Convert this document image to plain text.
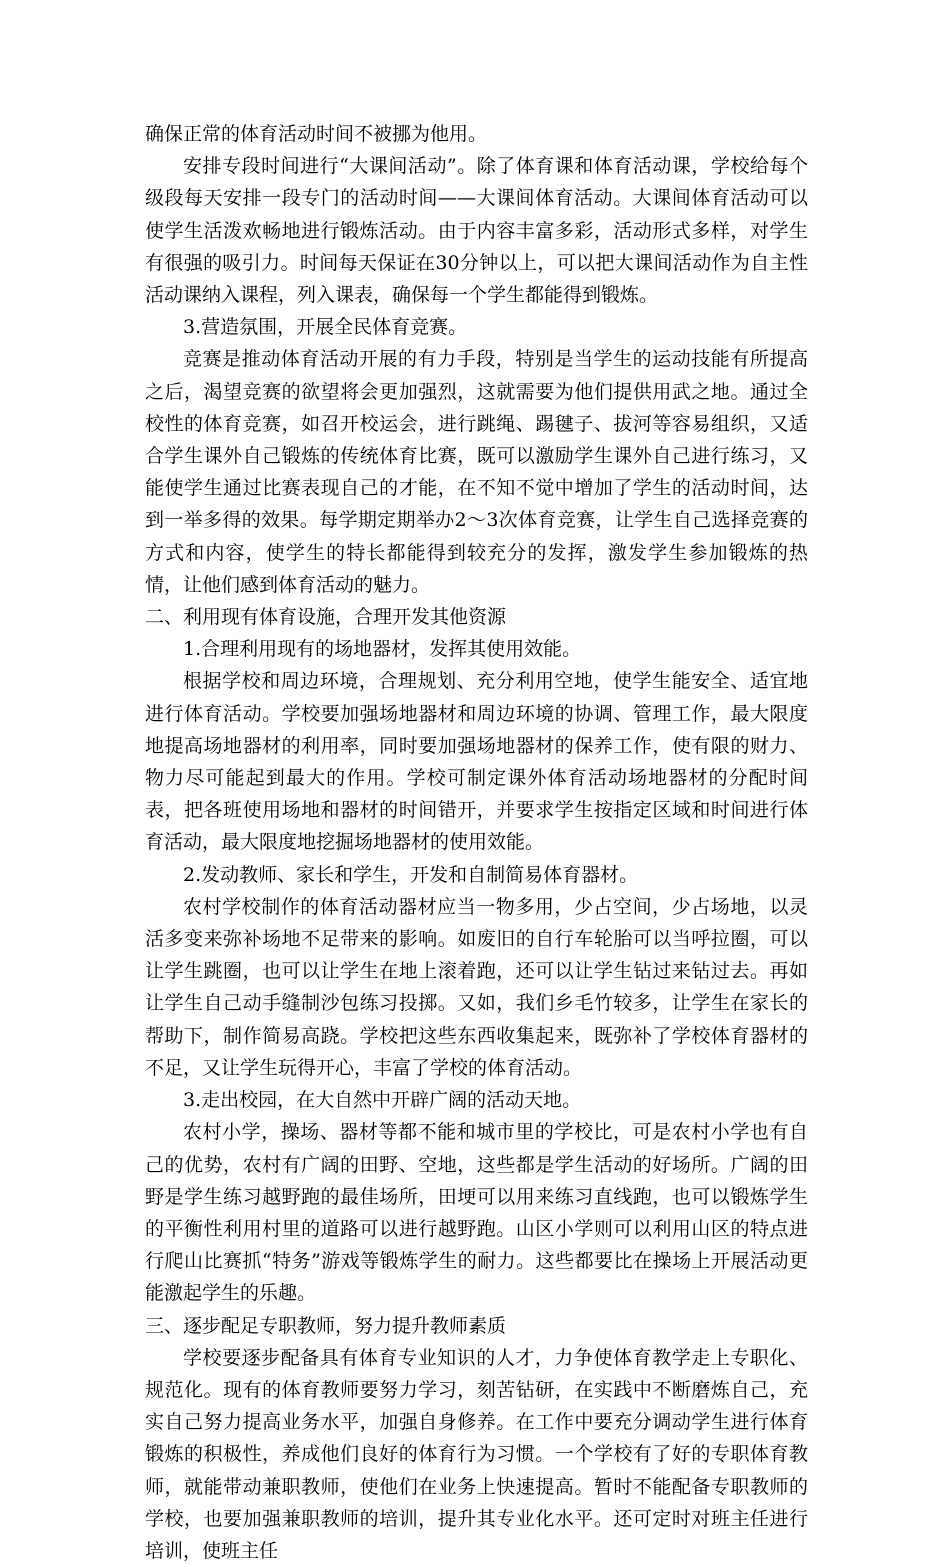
确保正常的体育活动时间不被挪为他用。

安排专段时间进行“大课间活动”。除了体育课和体育活动课，学校给每个级段每天安排一段专门的活动时间——大课间体育活动。大课间体育活动可以使学生活泼欢畅地进行锻炼活动。由于内容丰富多彩，活动形式多样，对学生有很强的吸引力。时间每天保证在30分钟以上，可以把大课间活动作为自主性活动课纳入课程，列入课表，确保每一个学生都能得到锻炼。

3.营造氛围，开展全民体育竞赛。

竞赛是推动体育活动开展的有力手段，特别是当学生的运动技能有所提高之后，渴望竞赛的欲望将会更加强烈，这就需要为他们提供用武之地。通过全校性的体育竞赛，如召开校运会，进行跳绳、踢毽子、拔河等容易组织，又适合学生课外自己锻炼的传统体育比赛，既可以激励学生课外自己进行练习，又能使学生通过比赛表现自己的才能，在不知不觉中增加了学生的活动时间，达到一举多得的效果。每学期定期举办2～3次体育竞赛，让学生自己选择竞赛的方式和内容，使学生的特长都能得到较充分的发挥，激发学生参加锻炼的热情，让他们感到体育活动的魅力。

二、利用现有体育设施，合理开发其他资源

1.合理利用现有的场地器材，发挥其使用效能。

根据学校和周边环境，合理规划、充分利用空地，使学生能安全、适宜地进行体育活动。学校要加强场地器材和周边环境的协调、管理工作，最大限度地提高场地器材的利用率，同时要加强场地器材的保养工作，使有限的财力、物力尽可能起到最大的作用。学校可制定课外体育活动场地器材的分配时间表，把各班使用场地和器材的时间错开，并要求学生按指定区域和时间进行体育活动，最大限度地挖掘场地器材的使用效能。

2.发动教师、家长和学生，开发和自制简易体育器材。

农村学校制作的体育活动器材应当一物多用，少占空间，少占场地，以灵活多变来弥补场地不足带来的影响。如废旧的自行车轮胎可以当呼拉圈，可以让学生跳圈，也可以让学生在地上滚着跑，还可以让学生钻过来钻过去。再如让学生自己动手缝制沙包练习投掷。又如，我们乡毛竹较多，让学生在家长的帮助下，制作简易高跷。学校把这些东西收集起来，既弥补了学校体育器材的不足，又让学生玩得开心，丰富了学校的体育活动。

3.走出校园，在大自然中开辟广阔的活动天地。

农村小学，操场、器材等都不能和城市里的学校比，可是农村小学也有自己的优势，农村有广阔的田野、空地，这些都是学生活动的好场所。广阔的田野是学生练习越野跑的最佳场所，田埂可以用来练习直线跑，也可以锻炼学生的平衡性利用村里的道路可以进行越野跑。山区小学则可以利用山区的特点进行爬山比赛抓“特务”游戏等锻炼学生的耐力。这些都要比在操场上开展活动更能激起学生的乐趣。

三、逐步配足专职教师，努力提升教师素质

学校要逐步配备具有体育专业知识的人才，力争使体育教学走上专职化、规范化。现有的体育教师要努力学习，刻苦钻研，在实践中不断磨炼自己，充实自己努力提高业务水平，加强自身修养。在工作中要充分调动学生进行体育锻炼的积极性，养成他们良好的体育行为习惯。一个学校有了好的专职体育教师，就能带动兼职教师，使他们在业务上快速提高。暂时不能配备专职教师的学校，也要加强兼职教师的培训，提升其专业化水平。还可定时对班主任进行培训，使班主任
